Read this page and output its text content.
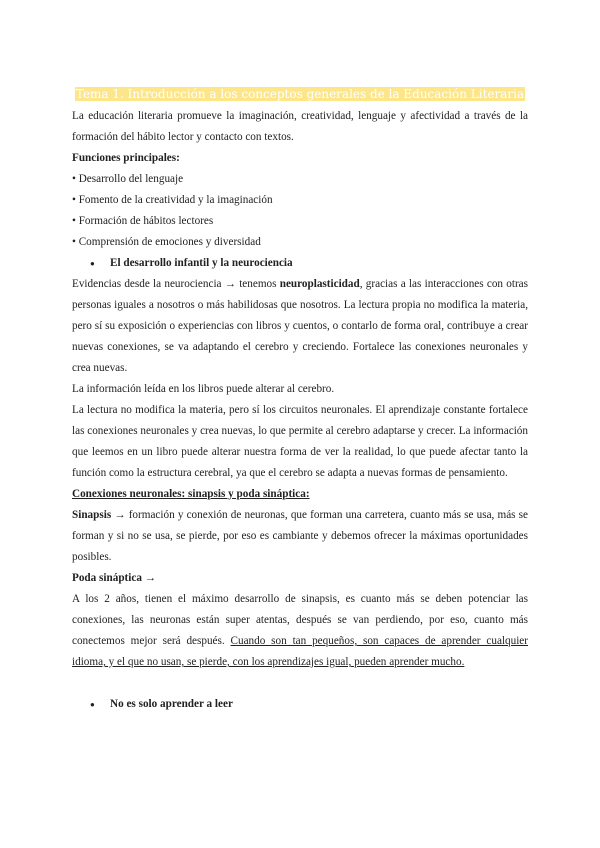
Tema 1. Introducción a los conceptos generales de la Educación Literaria

La educación literaria promueve la imaginación, creatividad, lenguaje y afectividad a través de la formación del hábito lector y contacto con textos.

Funciones principales:

• Desarrollo del lenguaje
• Fomento de la creatividad y la imaginación
• Formación de hábitos lectores
• Comprensión de emociones y diversidad
●	El desarrollo infantil y la neurociencia

Evidencias desde la neurociencia → tenemos neuroplasticidad, gracias a las interacciones con otras personas iguales a nosotros o más habilidosas que nosotros. La lectura propia no modifica la materia, pero sí su exposición o experiencias con libros y cuentos, o contarlo de forma oral, contribuye a crear nuevas conexiones, se va adaptando el cerebro y creciendo. Fortalece las conexiones neuronales y crea nuevas.

La información leída en los libros puede alterar al cerebro.

La lectura no modifica la materia, pero sí los circuitos neuronales. El aprendizaje constante fortalece las conexiones neuronales y crea nuevas, lo que permite al cerebro adaptarse y crecer. La información que leemos en un libro puede alterar nuestra forma de ver la realidad, lo que puede afectar tanto la función como la estructura cerebral, ya que el cerebro se adapta a nuevas formas de pensamiento.

Conexiones neuronales: sinapsis y poda sináptica:

Sinapsis → formación y conexión de neuronas, que forman una carretera, cuanto más se usa, más se forman y si no se usa, se pierde, por eso es cambiante y debemos ofrecer la máximas oportunidades posibles.

Poda sináptica →

A los 2 años, tienen el máximo desarrollo de sinapsis, es cuanto más se deben potenciar las conexiones, las neuronas están super atentas, después se van perdiendo, por eso, cuanto más conectemos mejor será después. Cuando son tan pequeños, son capaces de aprender cualquier idioma, y el que no usan, se pierde, con los aprendizajes igual, pueden aprender mucho.

●	No es solo aprender a leer
